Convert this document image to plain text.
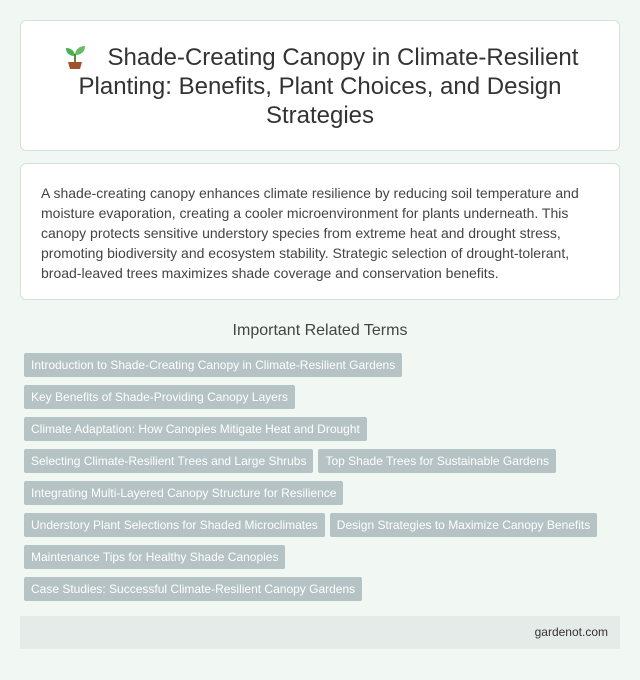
Shade-Creating Canopy in Climate-Resilient Planting: Benefits, Plant Choices, and Design Strategies

A shade-creating canopy enhances climate resilience by reducing soil temperature and moisture evaporation, creating a cooler microenvironment for plants underneath. This canopy protects sensitive understory species from extreme heat and drought stress, promoting biodiversity and ecosystem stability. Strategic selection of drought-tolerant, broad-leaved trees maximizes shade coverage and conservation benefits.

Important Related Terms
Introduction to Shade-Creating Canopy in Climate-Resilient Gardens
Key Benefits of Shade-Providing Canopy Layers
Climate Adaptation: How Canopies Mitigate Heat and Drought
Selecting Climate-Resilient Trees and Large Shrubs Top Shade Trees for Sustainable Gardens
Integrating Multi-Layered Canopy Structure for Resilience
Understory Plant Selections for Shaded Microclimates Design Strategies to Maximize Canopy Benefits
Maintenance Tips for Healthy Shade Canopies
Case Studies: Successful Climate-Resilient Canopy Gardens
gardenot.com
